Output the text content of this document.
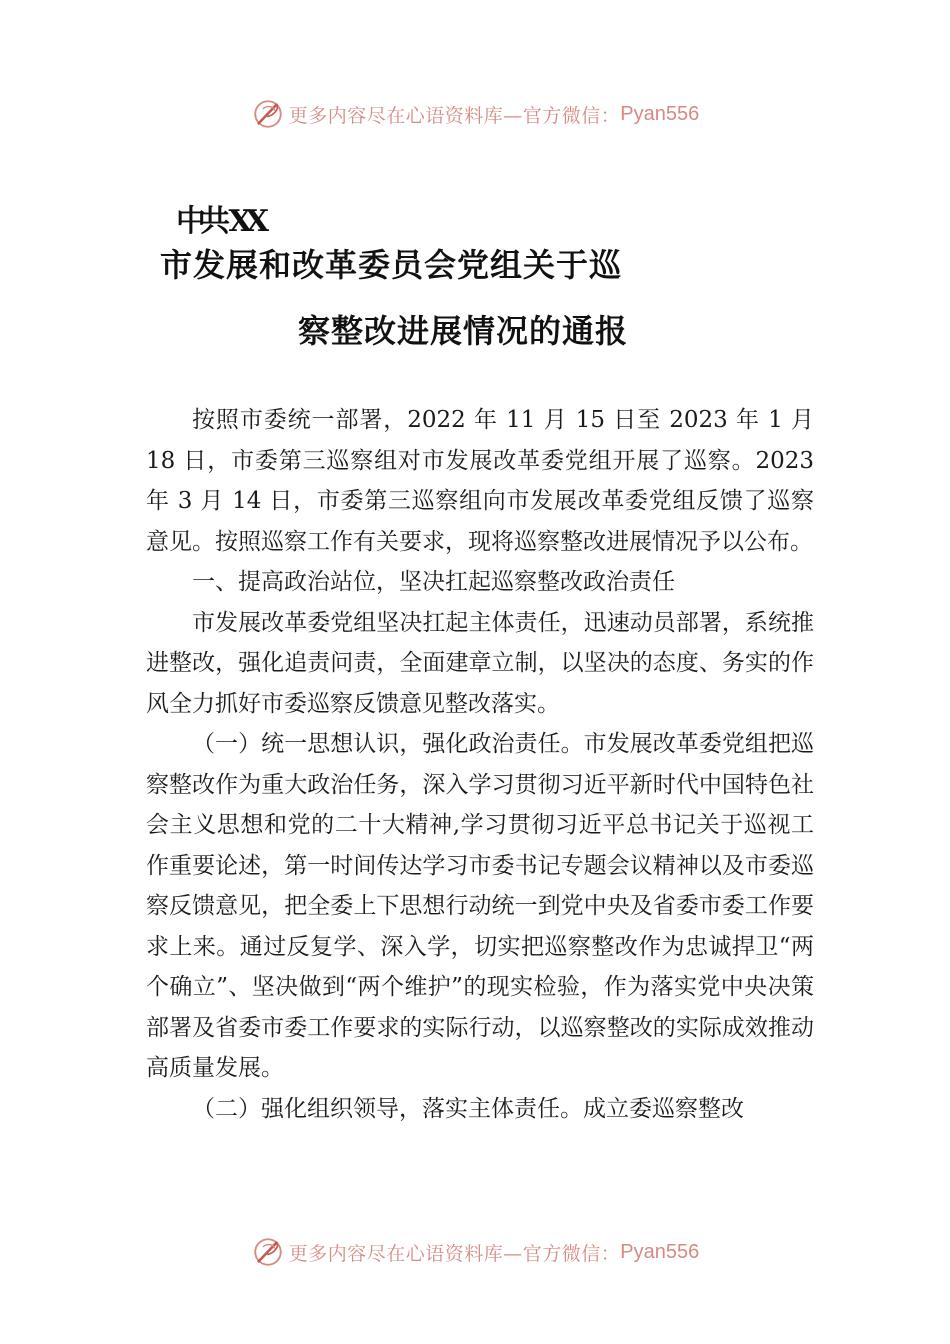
更多内容尽在心语资料库—官方微信： Pyan556
中共 XX
市发展和改革委员会党组关于巡
察整改进展情况的通报

按照市委统一部署，2022 年 11 月 15 日至 2023 年 1 月 18 日，市委第三巡察组对市发展改革委党组开展了巡察。2023 年 3 月 14 日，市委第三巡察组向市发展改革委党组反馈了巡察意见。按照巡察工作有关要求，现将巡察整改进展情况予以公布。

一、提高政治站位，坚决扛起巡察整改政治责任

市发展改革委党组坚决扛起主体责任，迅速动员部署，系统推进整改，强化追责问责，全面建章立制，以坚决的态度、务实的作风全力抓好市委巡察反馈意见整改落实。

（一）统一思想认识，强化政治责任。市发展改革委党组把巡察整改作为重大政治任务，深入学习贯彻习近平新时代中国特色社会主义思想和党的二十大精神,学习贯彻习近平总书记关于巡视工作重要论述，第一时间传达学习市委书记专题会议精神以及市委巡察反馈意见，把全委上下思想行动统一到党中央及省委市委工作要求上来。通过反复学、深入学，切实把巡察整改作为忠诚捍卫“两个确立”、坚决做到“两个维护”的现实检验，作为落实党中央决策部署及省委市委工作要求的实际行动，以巡察整改的实际成效推动高质量发展。

（二）强化组织领导，落实主体责任。成立委巡察整改

更多内容尽在心语资料库—官方微信： Pyan556
